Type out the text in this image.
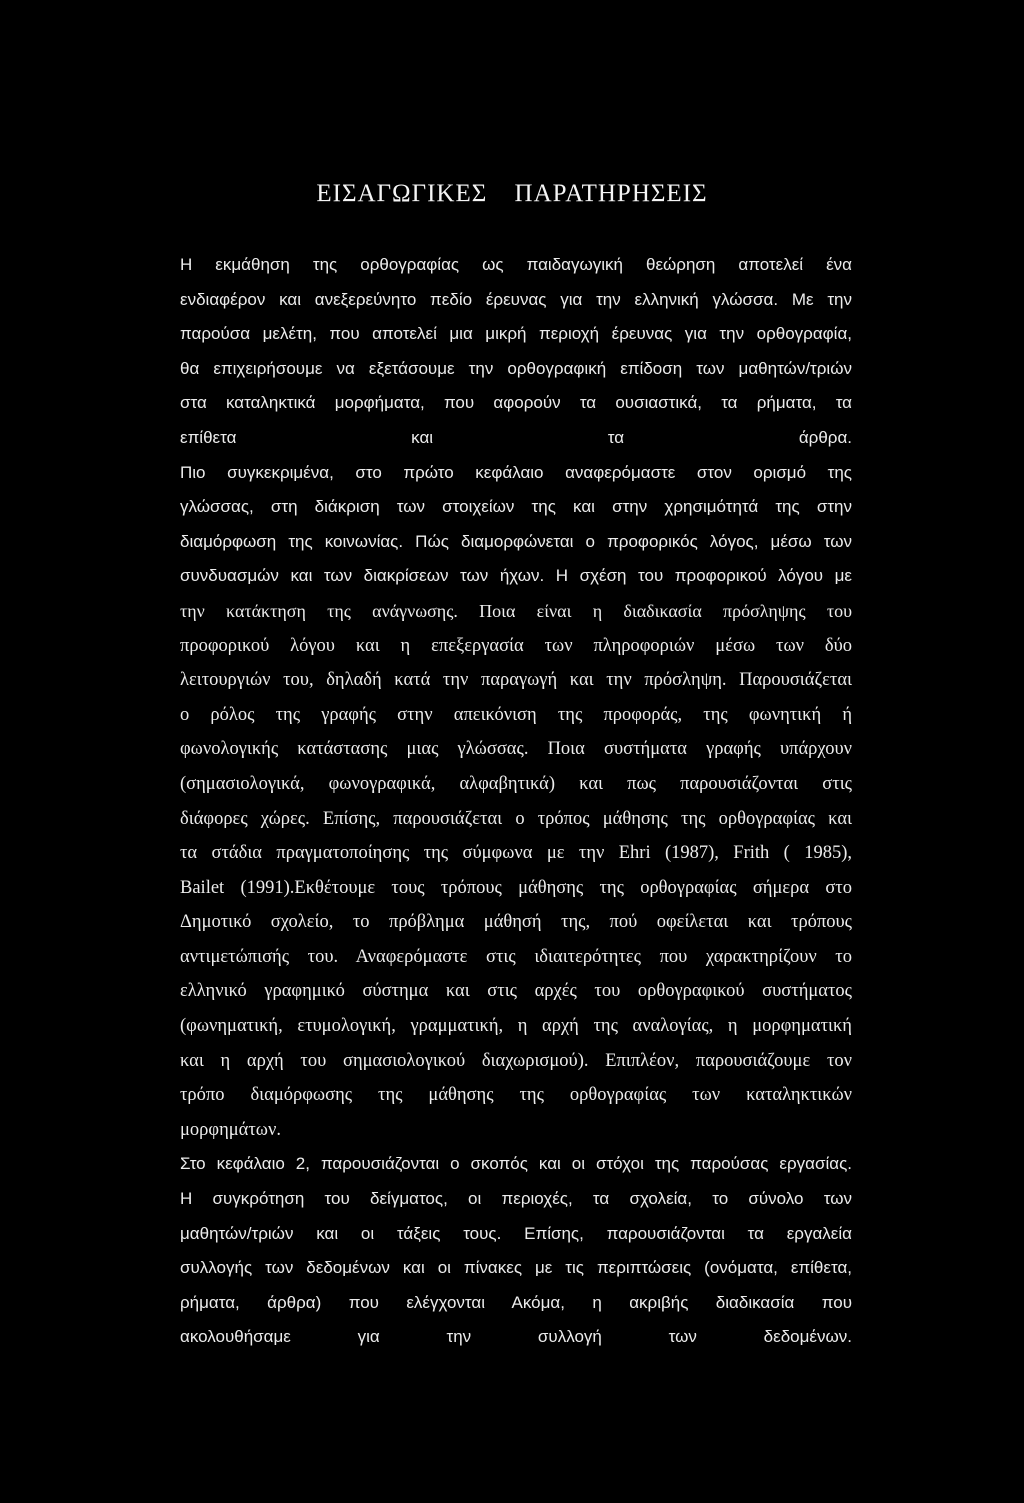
ΕΙΣΑΓΩΓΙΚΕΣ ΠΑΡΑΤΗΡΗΣΕΙΣ
Η εκμάθηση της ορθογραφίας ως παιδαγωγική θεώρηση αποτελεί ένα
ενδιαφέρον και ανεξερεύνητο πεδίο έρευνας για την ελληνική γλώσσα. Με την
παρούσα μελέτη, που αποτελεί μια μικρή περιοχή έρευνας για την ορθογραφία,
θα επιχειρήσουμε να εξετάσουμε την ορθογραφική επίδοση των μαθητών/τριών
στα καταληκτικά μορφήματα, που αφορούν τα ουσιαστικά, τα ρήματα, τα
επίθετα και τα άρθρα.
Πιο συγκεκριμένα, στο πρώτο κεφάλαιο αναφερόμαστε στον ορισμό της
γλώσσας, στη διάκριση των στοιχείων της και στην χρησιμότητά της στην
διαμόρφωση της κοινωνίας. Πώς διαμορφώνεται ο προφορικός λόγος, μέσω των
συνδυασμών και των διακρίσεων των ήχων. Η σχέση του προφορικού λόγου με
την κατάκτηση της ανάγνωσης. Ποια είναι η διαδικασία πρόσληψης του
προφορικού λόγου και η επεξεργασία των πληροφοριών μέσω των δύο
λειτουργιών του, δηλαδή κατά την παραγωγή και την πρόσληψη. Παρουσιάζεται
ο ρόλος της γραφής στην απεικόνιση της προφοράς, της φωνητική ή
φωνολογικής κατάστασης μιας γλώσσας. Ποια συστήματα γραφής υπάρχουν
(σημασιολογικά, φωνογραφικά, αλφαβητικά) και πως παρουσιάζονται στις
διάφορες χώρες. Επίσης, παρουσιάζεται ο τρόπος μάθησης της ορθογραφίας και
τα στάδια πραγματοποίησης της σύμφωνα με την Ehri (1987), Frith ( 1985),
Bailet (1991).Εκθέτουμε τους τρόπους μάθησης της ορθογραφίας σήμερα στο
Δημοτικό σχολείο, το πρόβλημα μάθησή της, πού οφείλεται και τρόπους
αντιμετώπισής του. Αναφερόμαστε στις ιδιαιτερότητες που χαρακτηρίζουν το
ελληνικό γραφημικό σύστημα και στις αρχές του ορθογραφικού συστήματος
(φωνηματική, ετυμολογική, γραμματική, η αρχή της αναλογίας, η μορφηματική
και η αρχή του σημασιολογικού διαχωρισμού). Επιπλέον, παρουσιάζουμε τον
τρόπο διαμόρφωσης της μάθησης της ορθογραφίας των καταληκτικών
μορφημάτων.
Στο κεφάλαιο 2, παρουσιάζονται ο σκοπός και οι στόχοι της παρούσας εργασίας.
Η συγκρότηση του δείγματος, οι περιοχές, τα σχολεία, το σύνολο των
μαθητών/τριών και οι τάξεις τους. Επίσης, παρουσιάζονται τα εργαλεία
συλλογής των δεδομένων και οι πίνακες με τις περιπτώσεις (ονόματα, επίθετα,
ρήματα, άρθρα) που ελέγχονται Ακόμα, η ακριβής διαδικασία που
ακολουθήσαμε για την συλλογή των δεδομένων.
